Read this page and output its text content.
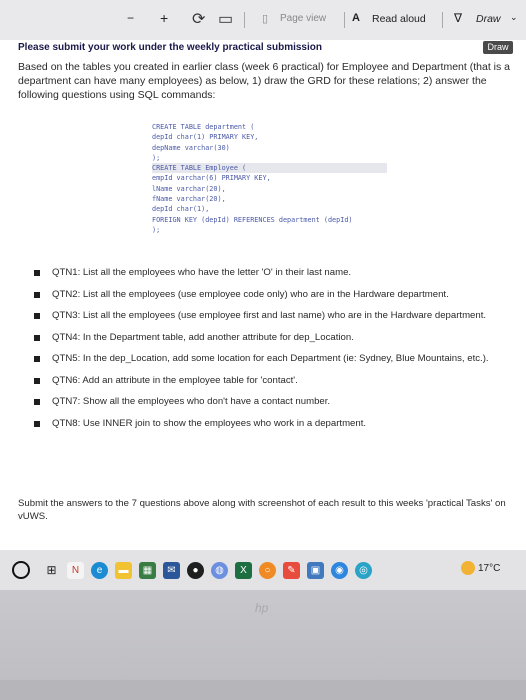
− + ⟳ ▭	▯ Page view A Read aloud ∇ Draw ⌄
Please submit your work under the weekly practical submission
Based on the tables you created in earlier class (week 6 practical) for Employee and Department (that is a department can have many employees) as below, 1) draw the GRD for these relations; 2) answer the following questions using SQL commands:
CREATE TABLE department (
depId char(1) PRIMARY KEY,
depName varchar(30)
);
CREATE TABLE Employee (
empId varchar(6) PRIMARY KEY,
lName varchar(20),
fName varchar(20),
depId char(1),
FOREIGN KEY (depId) REFERENCES department (depId)
);
QTN1: List all the employees who have the letter 'O' in their last name.
QTN2: List all the employees (use employee code only) who are in the Hardware department.
QTN3: List all the employees (use employee first and last name) who are in the Hardware department.
QTN4: In the Department table, add another attribute for dep_Location.
QTN5: In the dep_Location, add some location for each Department (ie: Sydney, Blue Mountains, etc.).
QTN6: Add an attribute in the employee table for 'contact'.
QTN7: Show all the employees who don't have a contact number.
QTN8: Use INNER join to show the employees who work in a department.
Submit the answers to the 7 questions above along with screenshot of each result to this weeks 'practical Tasks' on vUWS.
Draw
⊞	N	e	▬	▦	✉	●	◍	X	○	✎	▣	◉	◎	17°C
hp
